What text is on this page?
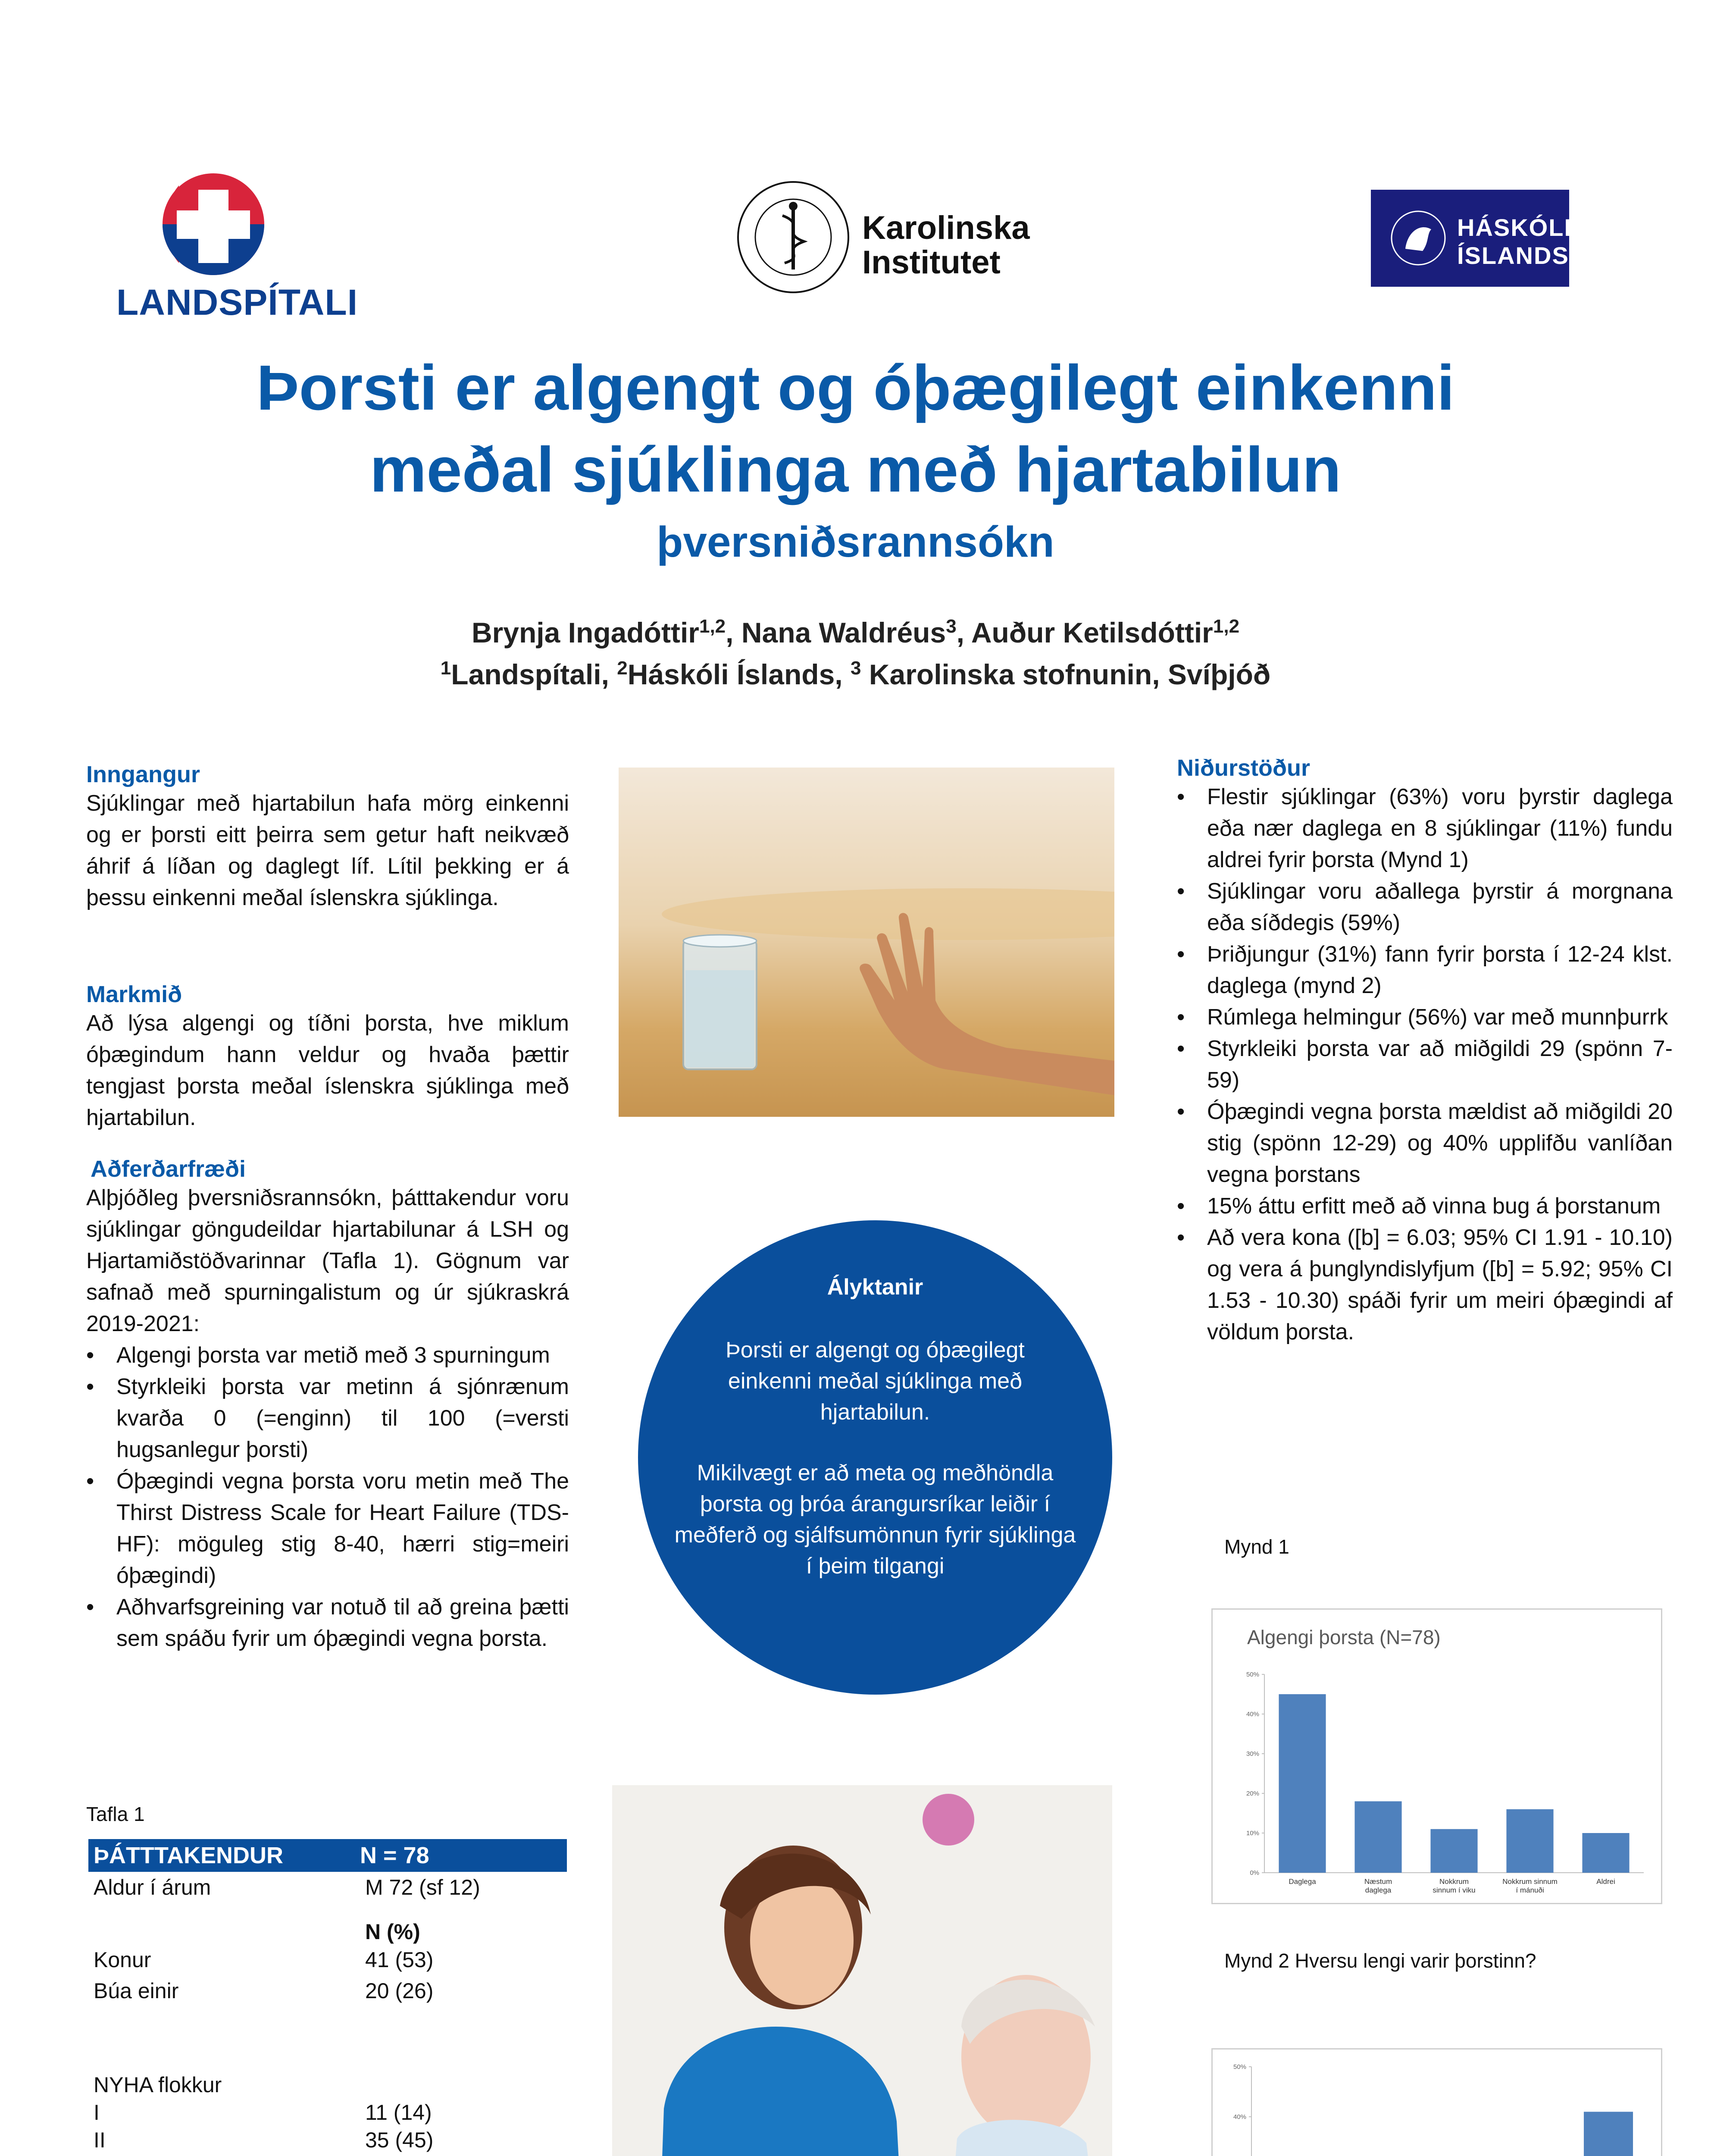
LANDSPÍTALI
Karolinska
Institutet
HÁSKÓLI
ÍSLANDS
Þorsti er algengt og óþægilegt einkenni
meðal sjúklinga með hjartabilun
þversniðsrannsókn
Brynja Ingadóttir$^{1,2}$, Nana Waldréus$^3$, Auður Ketilsdóttir$^{1,2}$
$^1$Landspítali, $^2$Háskóli Íslands, $^3$ Karolinska stofnunin, Svíþjóð
Inngangur
Sjúklingar með hjartabilun hafa mörg einkenni og er þorsti eitt þeirra sem getur haft neikvæð áhrif á líðan og daglegt líf. Lítil þekking er á þessu einkenni meðal íslenskra sjúklinga.
Markmið
Að lýsa algengi og tíðni þorsta, hve miklum óþægindum hann veldur og hvaða þættir tengjast þorsta meðal íslenskra sjúklinga með hjartabilun.
Aðferðarfræði
Alþjóðleg þversniðsrannsókn, þátttakendur voru sjúklingar göngudeildar hjartabilunar á LSH og Hjartamiðstöðvarinnar (Tafla 1). Gögnum var safnað með spurningalistum og úr sjúkraskrá 2019-2021:
• Algengi þorsta var metið með 3 spurningum
• Styrkleiki þorsta var metinn á sjónrænum kvarða 0 (=enginn) til 100 (=versti hugsanlegur þorsti)
• Óþægindi vegna þorsta voru metin með The Thirst Distress Scale for Heart Failure (TDS-HF): möguleg stig 8-40, hærri stig=meiri óþægindi)
• Aðhvarfsgreining var notuð til að greina þætti sem spáðu fyrir um óþægindi vegna þorsta.
Tafla 1
ÞÁTTTAKENDUR	N = 78
Aldur í árum	M 72 (sf 12)
	N (%)
Konur	41 (53)
Búa einir	20 (26)

NYHA flokkur	
I	11 (14)
II	35 (45)

Ályktanir
Þorsti er algengt og óþægilegt einkenni meðal sjúklinga með hjartabilun.
Mikilvægt er að meta og meðhöndla þorsta og þróa árangursríkar leiðir í meðferð og sjálfsumönnun fyrir sjúklinga í þeim tilgangi
Niðurstöður
• Flestir sjúklingar (63%) voru þyrstir daglega eða nær daglega en 8 sjúklingar (11%) fundu aldrei fyrir þorsta (Mynd 1)
• Sjúklingar voru aðallega þyrstir á morgnana eða síðdegis (59%)
• Þriðjungur (31%) fann fyrir þorsta í 12-24 klst. daglega (mynd 2)
• Rúmlega helmingur (56%) var með munnþurrk
• Styrkleiki þorsta var að miðgildi 29 (spönn 7-59)
• Óþægindi vegna þorsta mældist að miðgildi 20 stig (spönn 12-29) og 40% upplifðu vanlíðan vegna þorstans
• 15% áttu erfitt með að vinna bug á þorstanum
• Að vera kona ([b] = 6.03; 95% CI 1.91 - 10.10) og vera á þunglyndislyfjum ([b] = 5.92; 95% CI 1.53 - 10.30) spáði fyrir um meiri óþægindi af völdum þorsta.
Mynd 1
Algengi þorsta (N=78)
0%
10%
20%
30%
40%
50%
Daglega	Næstum
daglega
Nokkrum
sinnum í viku
Nokkrum sinnum
í mánuði
Aldrei
Mynd 2 Hversu lengi varir þorstinn?
40%
50%
